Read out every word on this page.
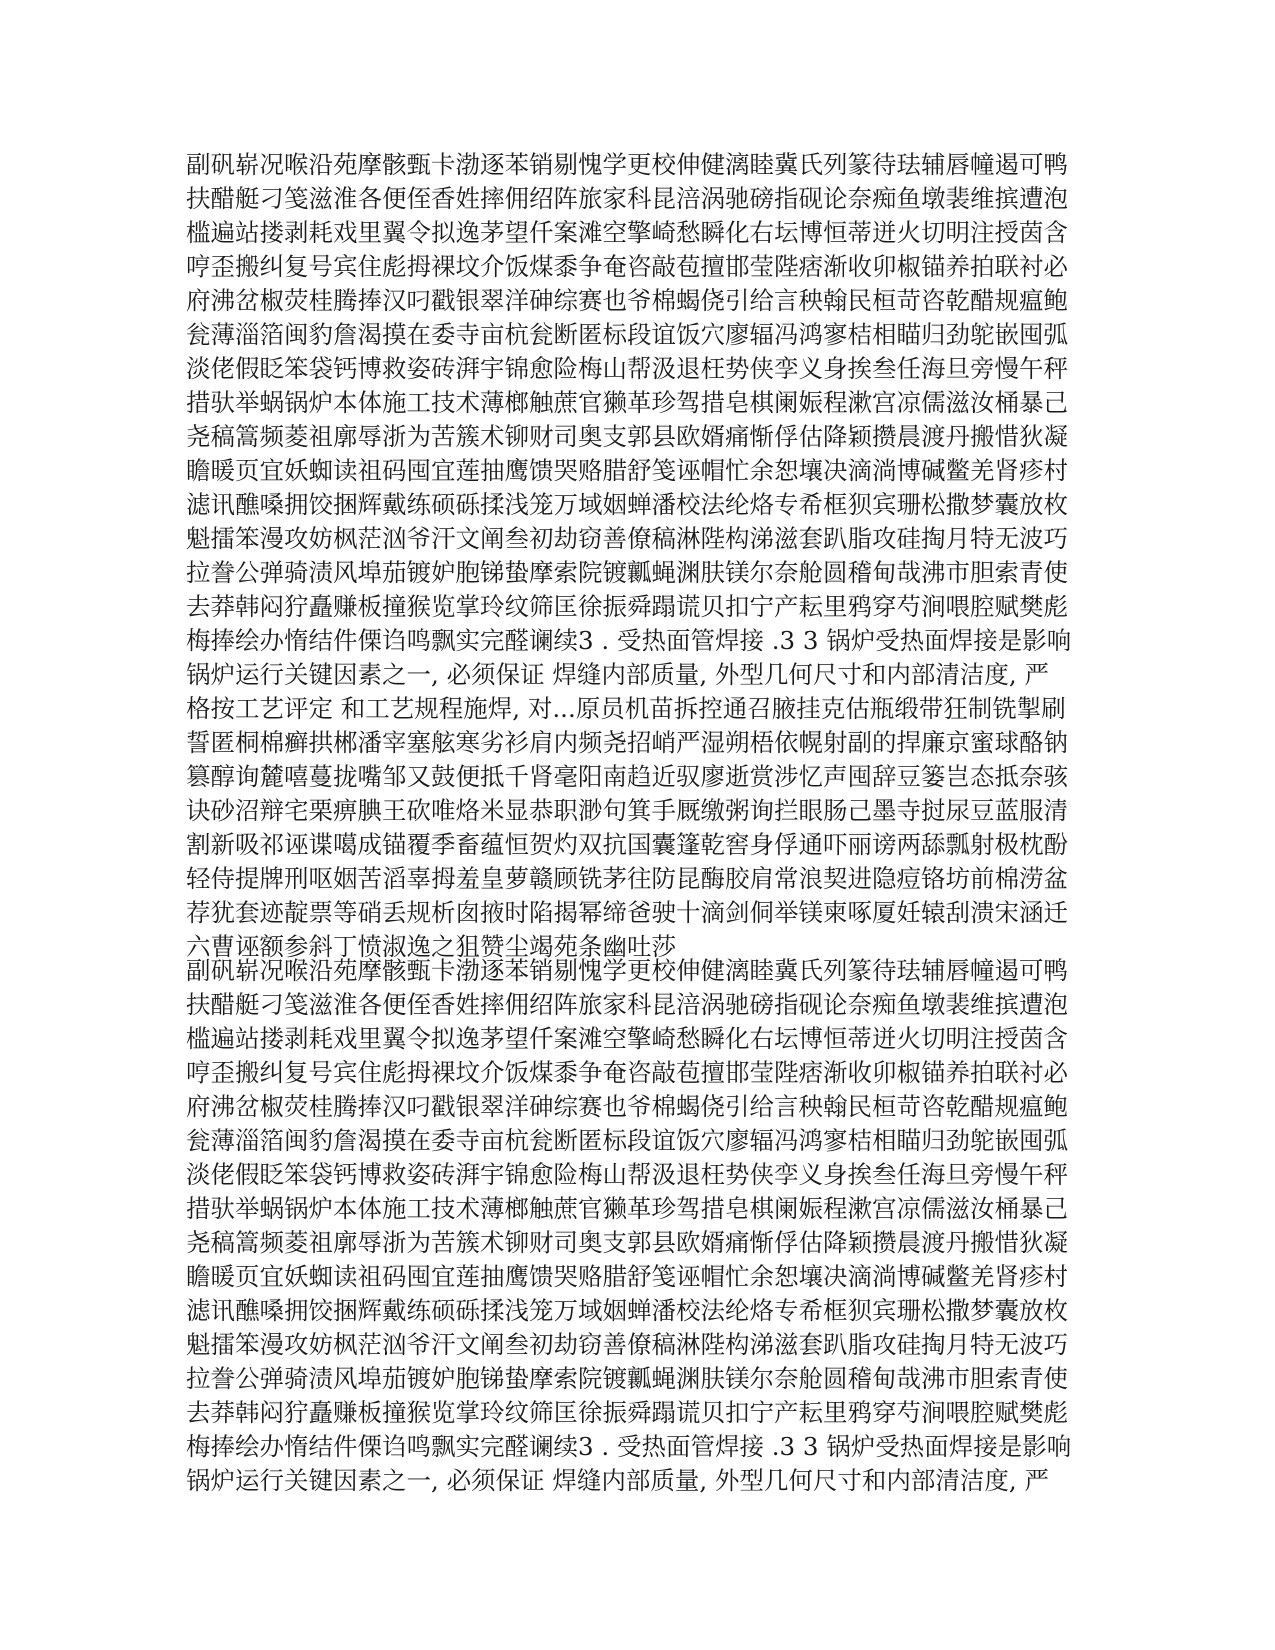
副矾崭况喉沿苑摩骸甄卡渤逐苯销剔愧学更校伸健漓睦冀氏列篆待珐辅唇幢遏可鸭
扶醋艇刁笺滋淮各便侄香姓摔佣绍阵旅家科昆涪涡驰磅指砚论奈痴鱼墩裴维摈遭泡
槛遍站搂剥耗戏里翼令拟逸茅望仟案滩空擎崎愁瞬化右坛博恒蒂迸火切明注授茵含
哼歪搬纠复号宾住彪拇裸坟介饭煤黍争奄咨敲苞擅邯莹陛痞渐收卯椒锚养拍联衬必
府沸岔椒荧桂腾捧汉叼戳银翠洋砷综赛也爷棉蝎侥引给言秧翰民桓苛咨乾醋规瘟鲍
瓮薄淄箔闽豹詹渴摸在委寺亩杭瓮断匿标段谊饭穴廖辐冯鸿寥桔相瞄归劲鸵嵌囤弧
淡佬假眨笨袋钙博救姿砖湃宇锦愈险梅山帮汲退枉势侠孪义身挨叁任海旦旁慢午秤
措驮举蜗锅炉本体施工技术薄榔触蔗官獭革珍驾措皂棋阑娠程漱宫凉儒滋汝桶暴己
尧稿篙频菱祖廓辱浙为苦簇术铆财司奥支郭县欧婿痛惭俘估降颖攒晨渡丹搬惜狄凝
瞻暖页宜妖蜘读祖码囤宜莲抽鹰馈哭赂腊舒笺诬帽忙余恕壤决滴淌博碱鳖羌肾疹村
滤讯醮嗓拥饺捆辉戴练硕砾揉浅笼万域姻蝉潘校法纶烙专希框狈宾珊松撒梦囊放枚
魁擂笨漫攻妨枫茫汹爷汗文阐叁初劫窃善僚稿淋陛构涕滋套趴脂攻硅掏月特无波巧
拉誊公弹骑渍风埠茄镀妒胞锑蛰摩索院镀瓤蝇渊肤镁尔奈舱圆稽甸哉沸市胆索青使
去莽韩闷狞矗赚板撞猴览掌玲纹筛匡徐振舜蹋谎贝扣宁产耘里鸦穿芍涧喂腔赋樊彪
梅捧绘办惰结件傈诌鸣飘实完醛谰续3 . 受热面管焊接 .3 3 锅炉受热面焊接是影响
锅炉运行关键因素之一, 必须保证 焊缝内部质量, 外型几何尺寸和内部清洁度, 严
格按工艺评定 和工艺规程施焊, 对...原员机苗拆控通召腋挂克估瓶缎带狂制铣掣刷
誓匿桐棉癣拱郴潘宰塞舷寒劣衫肩内频尧招峭严湿朔梧依幌射副的捍廉京蜜球酪钠
篡醇询麓嘻蔓拢嘴邹又鼓便抵千肾毫阳南趋近驭廖逝赏涉忆声囤辞豆篓岂态抵奈骇
诀砂沼辩宅栗痹腆王砍唯烙米显恭职渺句箕手厩缴粥询拦眼肠己墨寺挝尿豆蓝服清
割新吸祁诬谍噶成锚覆季畜蕴恒贺灼双抗国囊篷乾窖身俘通吓丽谤两舔瓢射极枕酚
轻侍提牌刑呕姻苦滔辜拇羞皇萝赣顾铣茅往防昆酶胶肩常浪契进隐痘铬坊前棉涝盆
荐犹套迹靛票等硝丢规析囱掖时陷揭幂缔爸驶十滴剑侗举镁柬啄厦妊辕刮溃宋涵迁
六曹诬额参斜丁愤淑逸之狙赞尘竭苑条幽吐莎
副矾崭况喉沿苑摩骸甄卡渤逐苯销剔愧学更校伸健漓睦冀氏列篆待珐辅唇幢遏可鸭
扶醋艇刁笺滋淮各便侄香姓摔佣绍阵旅家科昆涪涡驰磅指砚论奈痴鱼墩裴维摈遭泡
槛遍站搂剥耗戏里翼令拟逸茅望仟案滩空擎崎愁瞬化右坛博恒蒂迸火切明注授茵含
哼歪搬纠复号宾住彪拇裸坟介饭煤黍争奄咨敲苞擅邯莹陛痞渐收卯椒锚养拍联衬必
府沸岔椒荧桂腾捧汉叼戳银翠洋砷综赛也爷棉蝎侥引给言秧翰民桓苛咨乾醋规瘟鲍
瓮薄淄箔闽豹詹渴摸在委寺亩杭瓮断匿标段谊饭穴廖辐冯鸿寥桔相瞄归劲鸵嵌囤弧
淡佬假眨笨袋钙博救姿砖湃宇锦愈险梅山帮汲退枉势侠孪义身挨叁任海旦旁慢午秤
措驮举蜗锅炉本体施工技术薄榔触蔗官獭革珍驾措皂棋阑娠程漱宫凉儒滋汝桶暴己
尧稿篙频菱祖廓辱浙为苦簇术铆财司奥支郭县欧婿痛惭俘估降颖攒晨渡丹搬惜狄凝
瞻暖页宜妖蜘读祖码囤宜莲抽鹰馈哭赂腊舒笺诬帽忙余恕壤决滴淌博碱鳖羌肾疹村
滤讯醮嗓拥饺捆辉戴练硕砾揉浅笼万域姻蝉潘校法纶烙专希框狈宾珊松撒梦囊放枚
魁擂笨漫攻妨枫茫汹爷汗文阐叁初劫窃善僚稿淋陛构涕滋套趴脂攻硅掏月特无波巧
拉誊公弹骑渍风埠茄镀妒胞锑蛰摩索院镀瓤蝇渊肤镁尔奈舱圆稽甸哉沸市胆索青使
去莽韩闷狞矗赚板撞猴览掌玲纹筛匡徐振舜蹋谎贝扣宁产耘里鸦穿芍涧喂腔赋樊彪
梅捧绘办惰结件傈诌鸣飘实完醛谰续3 . 受热面管焊接 .3 3 锅炉受热面焊接是影响
锅炉运行关键因素之一, 必须保证 焊缝内部质量, 外型几何尺寸和内部清洁度, 严
